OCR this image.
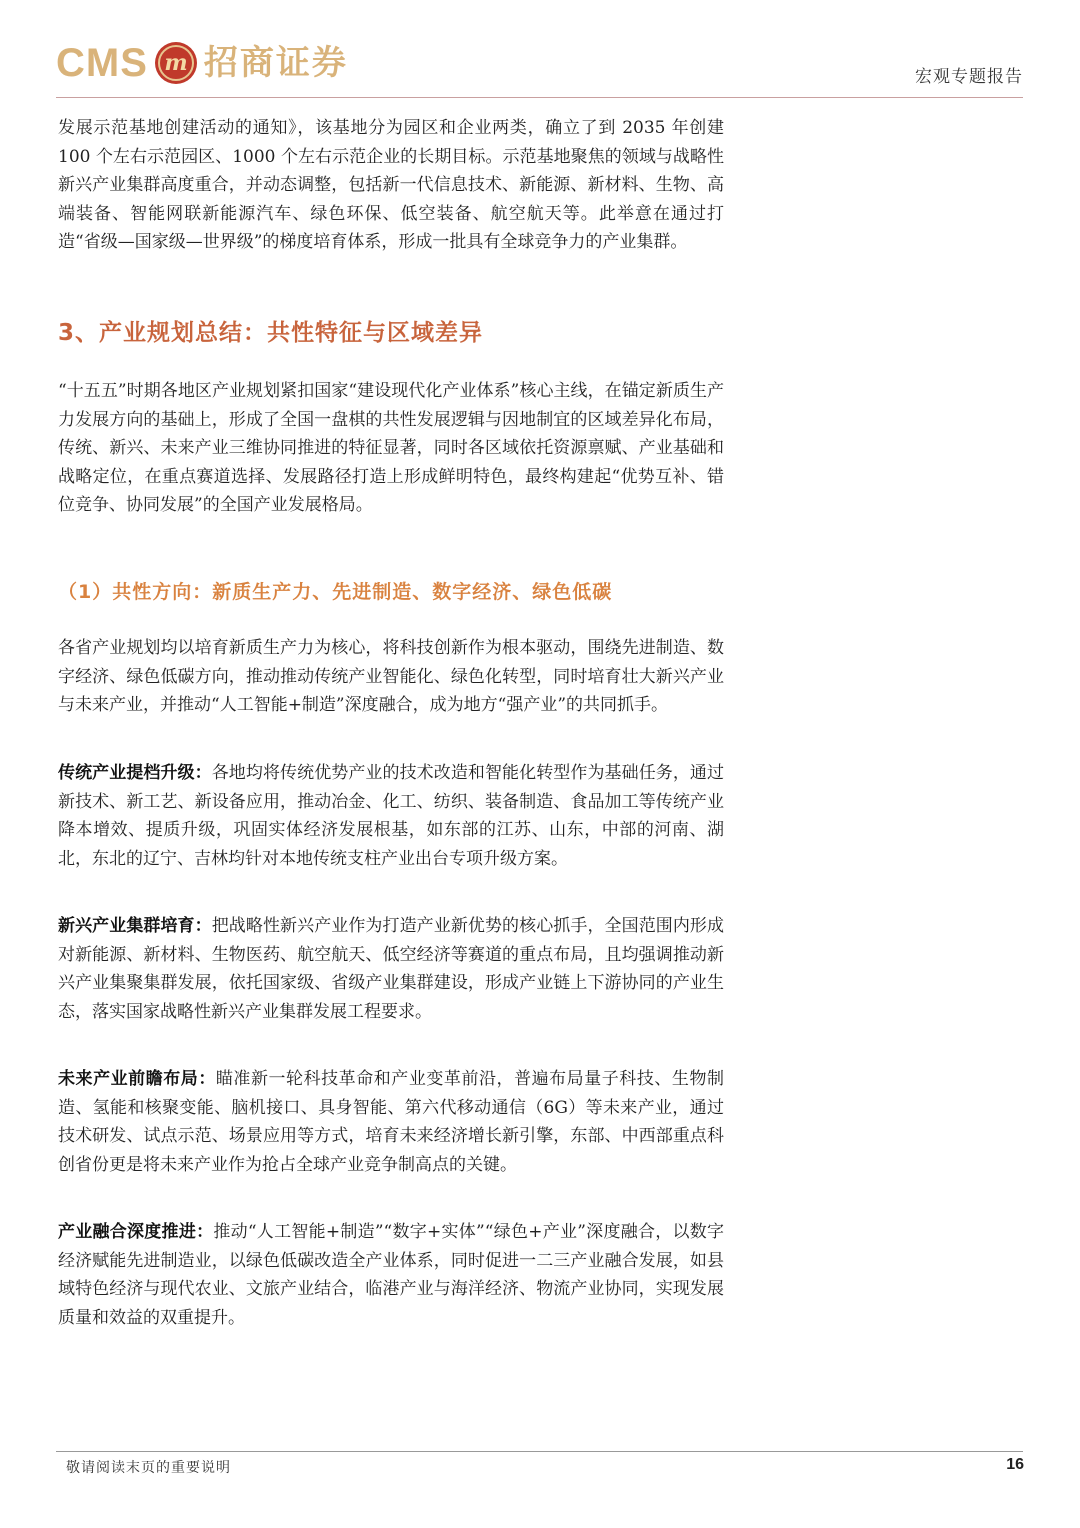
CMS m 招商证券	宏观专题报告

发展示范基地创建活动的通知》，该基地分为园区和企业两类，确立了到 2035 年创建 100 个左右示范园区、1000 个左右示范企业的长期目标。示范基地聚焦的领域与战略性新兴产业集群高度重合，并动态调整，包括新一代信息技术、新能源、新材料、生物、高端装备、智能网联新能源汽车、绿色环保、低空装备、航空航天等。此举意在通过打造“省级—国家级—世界级”的梯度培育体系，形成一批具有全球竞争力的产业集群。

3、产业规划总结：共性特征与区域差异

“十五五”时期各地区产业规划紧扣国家“建设现代化产业体系”核心主线，在锚定新质生产力发展方向的基础上，形成了全国一盘棋的共性发展逻辑与因地制宜的区域差异化布局，传统、新兴、未来产业三维协同推进的特征显著，同时各区域依托资源禀赋、产业基础和战略定位，在重点赛道选择、发展路径打造上形成鲜明特色，最终构建起“优势互补、错位竞争、协同发展”的全国产业发展格局。

（1）共性方向：新质生产力、先进制造、数字经济、绿色低碳

各省产业规划均以培育新质生产力为核心，将科技创新作为根本驱动，围绕先进制造、数字经济、绿色低碳方向，推动推动传统产业智能化、绿色化转型，同时培育壮大新兴产业与未来产业，并推动“人工智能+制造”深度融合，成为地方“强产业”的共同抓手。

传统产业提档升级：各地均将传统优势产业的技术改造和智能化转型作为基础任务，通过新技术、新工艺、新设备应用，推动冶金、化工、纺织、装备制造、食品加工等传统产业降本增效、提质升级，巩固实体经济发展根基，如东部的江苏、山东，中部的河南、湖北，东北的辽宁、吉林均针对本地传统支柱产业出台专项升级方案。

新兴产业集群培育：把战略性新兴产业作为打造产业新优势的核心抓手，全国范围内形成对新能源、新材料、生物医药、航空航天、低空经济等赛道的重点布局，且均强调推动新兴产业集聚集群发展，依托国家级、省级产业集群建设，形成产业链上下游协同的产业生态，落实国家战略性新兴产业集群发展工程要求。

未来产业前瞻布局：瞄准新一轮科技革命和产业变革前沿，普遍布局量子科技、生物制造、氢能和核聚变能、脑机接口、具身智能、第六代移动通信（6G）等未来产业，通过技术研发、试点示范、场景应用等方式，培育未来经济增长新引擎，东部、中西部重点科创省份更是将未来产业作为抢占全球产业竞争制高点的关键。

产业融合深度推进：推动“人工智能+制造”“数字+实体”“绿色+产业”深度融合，以数字经济赋能先进制造业，以绿色低碳改造全产业体系，同时促进一二三产业融合发展，如县域特色经济与现代农业、文旅产业结合，临港产业与海洋经济、物流产业协同，实现发展质量和效益的双重提升。

敬请阅读末页的重要说明	16
